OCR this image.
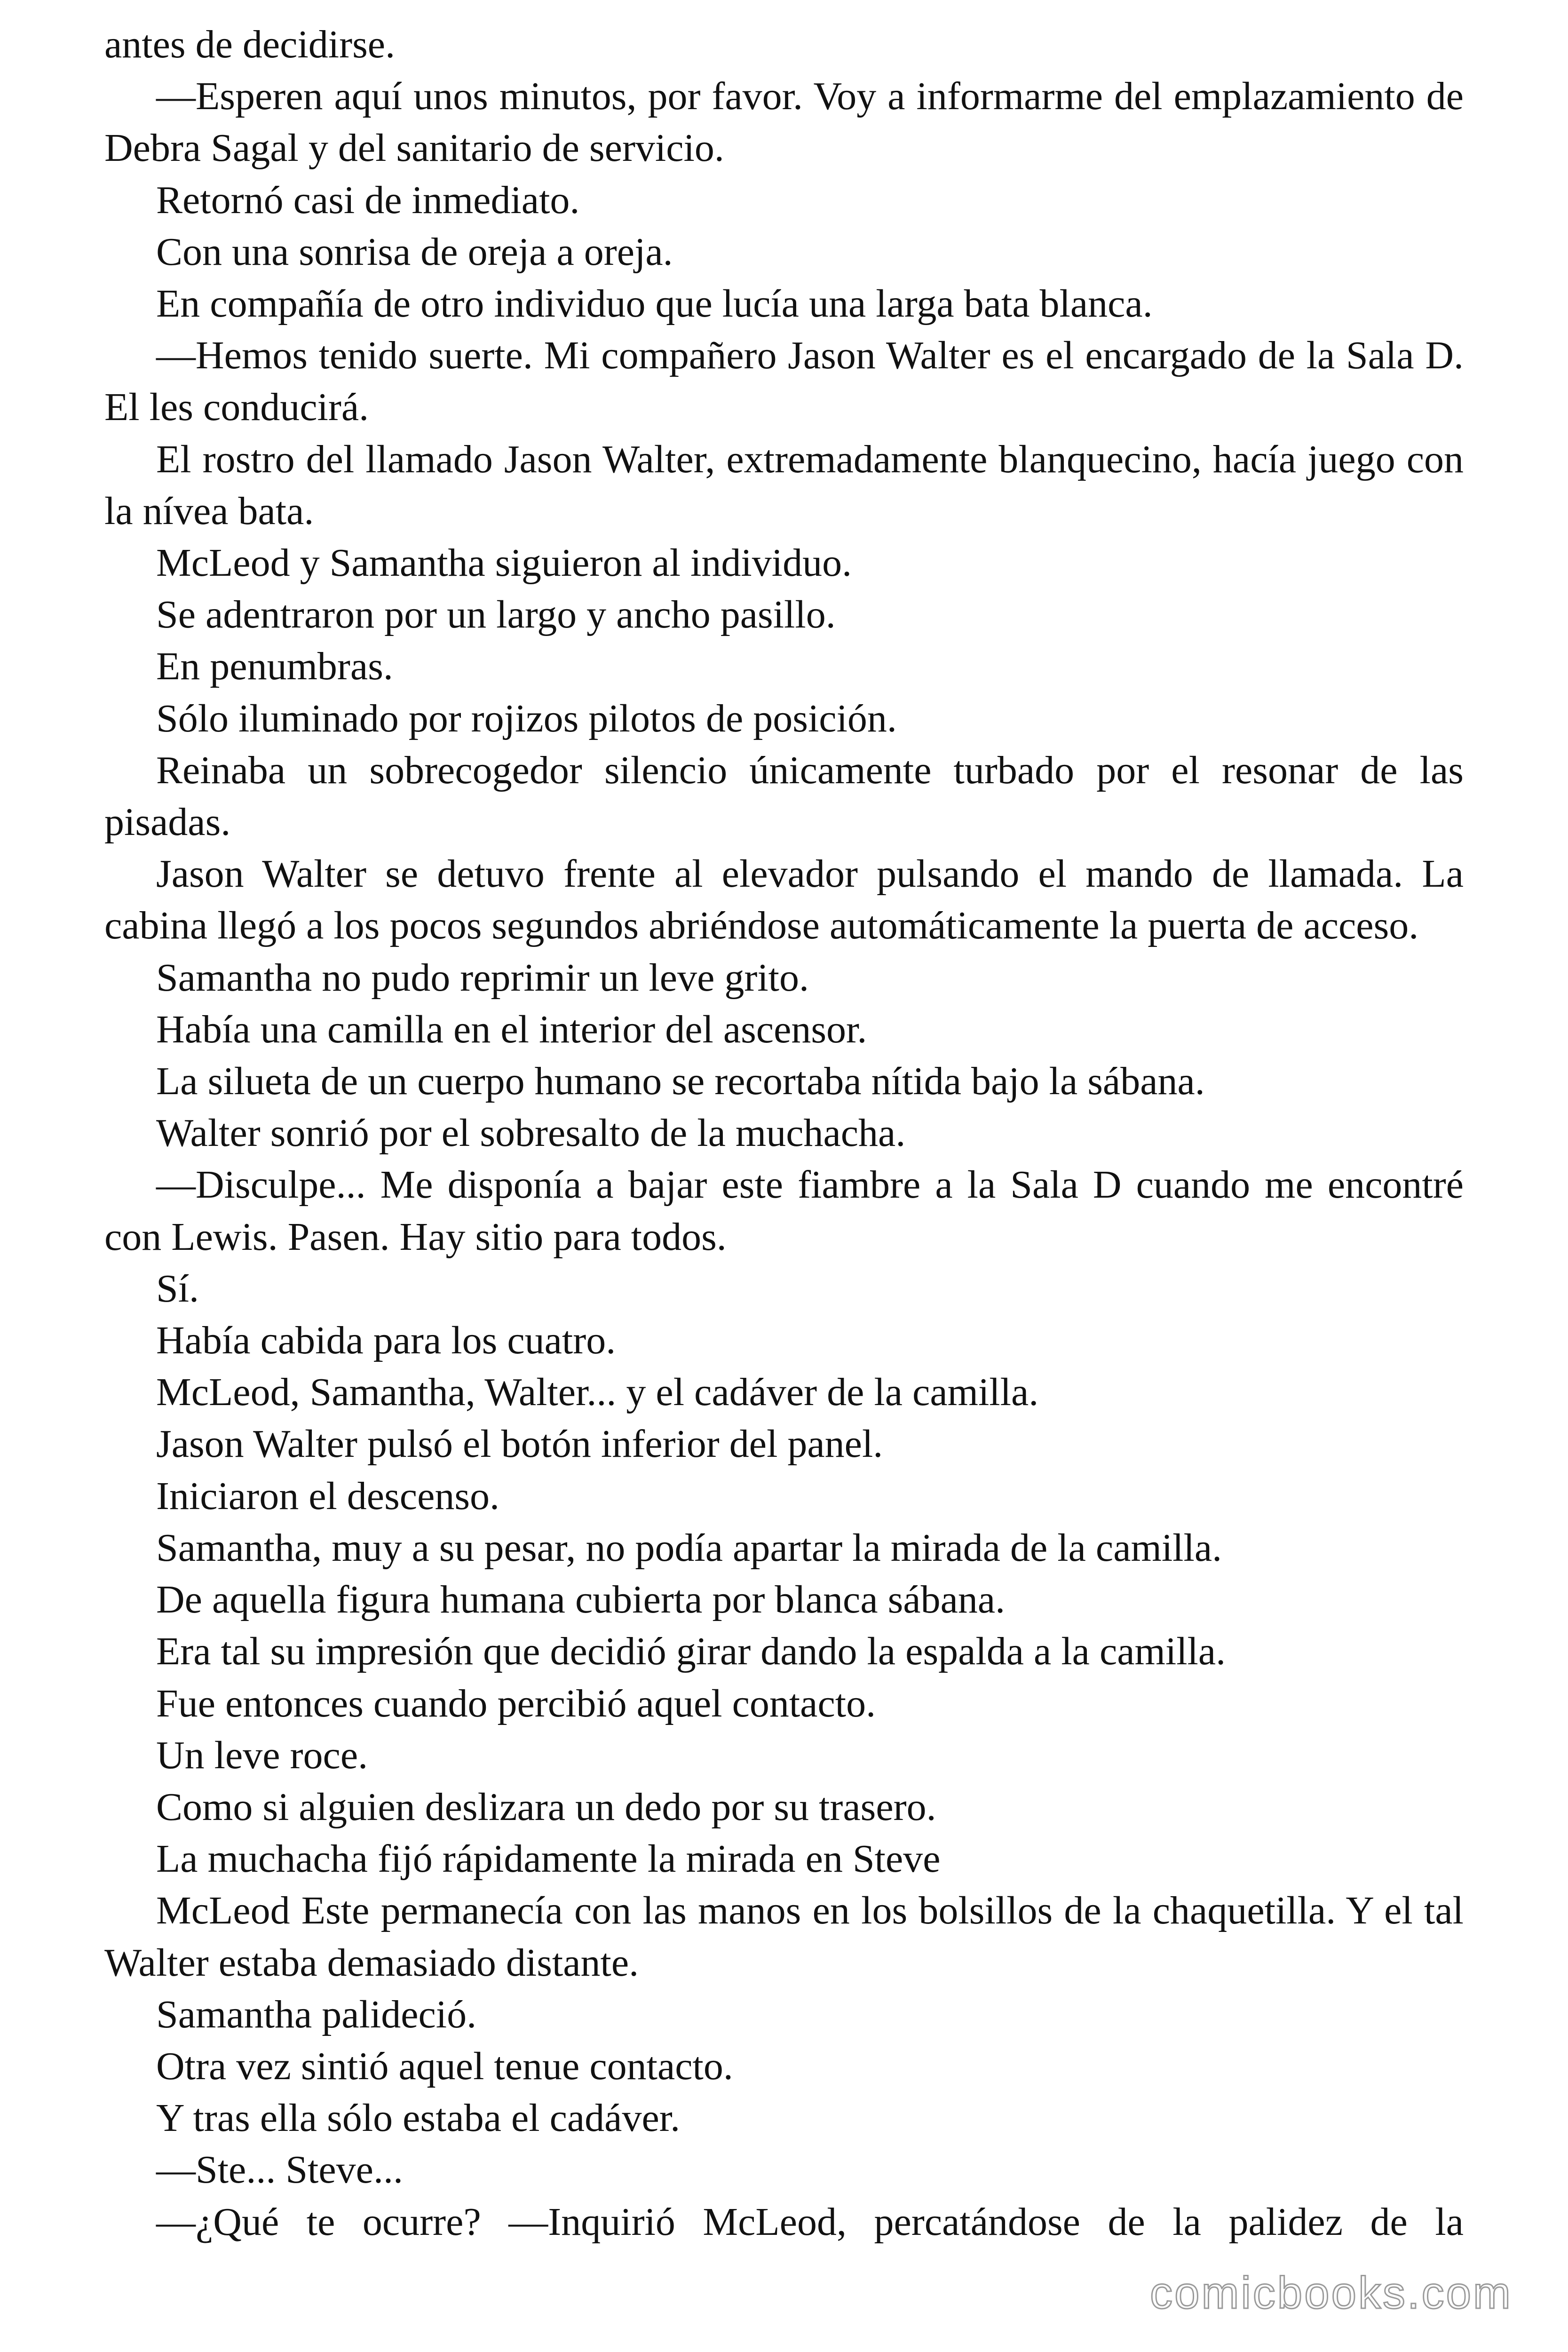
antes de decidirse.

—Esperen aquí unos minutos, por favor. Voy a informarme del emplazamiento de Debra Sagal y del sanitario de servicio.

Retornó casi de inmediato.

Con una sonrisa de oreja a oreja.

En compañía de otro individuo que lucía una larga bata blanca.

—Hemos tenido suerte. Mi compañero Jason Walter es el encargado de la Sala D. El les conducirá.

El rostro del llamado Jason Walter, extremadamente blanquecino, hacía juego con la nívea bata.

McLeod y Samantha siguieron al individuo.

Se adentraron por un largo y ancho pasillo.

En penumbras.

Sólo iluminado por rojizos pilotos de posición.

Reinaba un sobrecogedor silencio únicamente turbado por el resonar de las pisadas.

Jason Walter se detuvo frente al elevador pulsando el mando de llamada. La cabina llegó a los pocos segundos abriéndose automáticamente la puerta de acceso.

Samantha no pudo reprimir un leve grito.

Había una camilla en el interior del ascensor.

La silueta de un cuerpo humano se recortaba nítida bajo la sábana.

Walter sonrió por el sobresalto de la muchacha.

—Disculpe... Me disponía a bajar este fiambre a la Sala D cuando me encontré con Lewis. Pasen. Hay sitio para todos.

Sí.

Había cabida para los cuatro.

McLeod, Samantha, Walter... y el cadáver de la camilla.

Jason Walter pulsó el botón inferior del panel.

Iniciaron el descenso.

Samantha, muy a su pesar, no podía apartar la mirada de la camilla.

De aquella figura humana cubierta por blanca sábana.

Era tal su impresión que decidió girar dando la espalda a la camilla.

Fue entonces cuando percibió aquel contacto.

Un leve roce.

Como si alguien deslizara un dedo por su trasero.

La muchacha fijó rápidamente la mirada en Steve

McLeod Este permanecía con las manos en los bolsillos de la chaquetilla. Y el tal Walter estaba demasiado distante.

Samantha palideció.

Otra vez sintió aquel tenue contacto.

Y tras ella sólo estaba el cadáver.

—Ste... Steve...

—¿Qué te ocurre? —Inquirió McLeod, percatándose de la palidez de la

comicbooks.com
